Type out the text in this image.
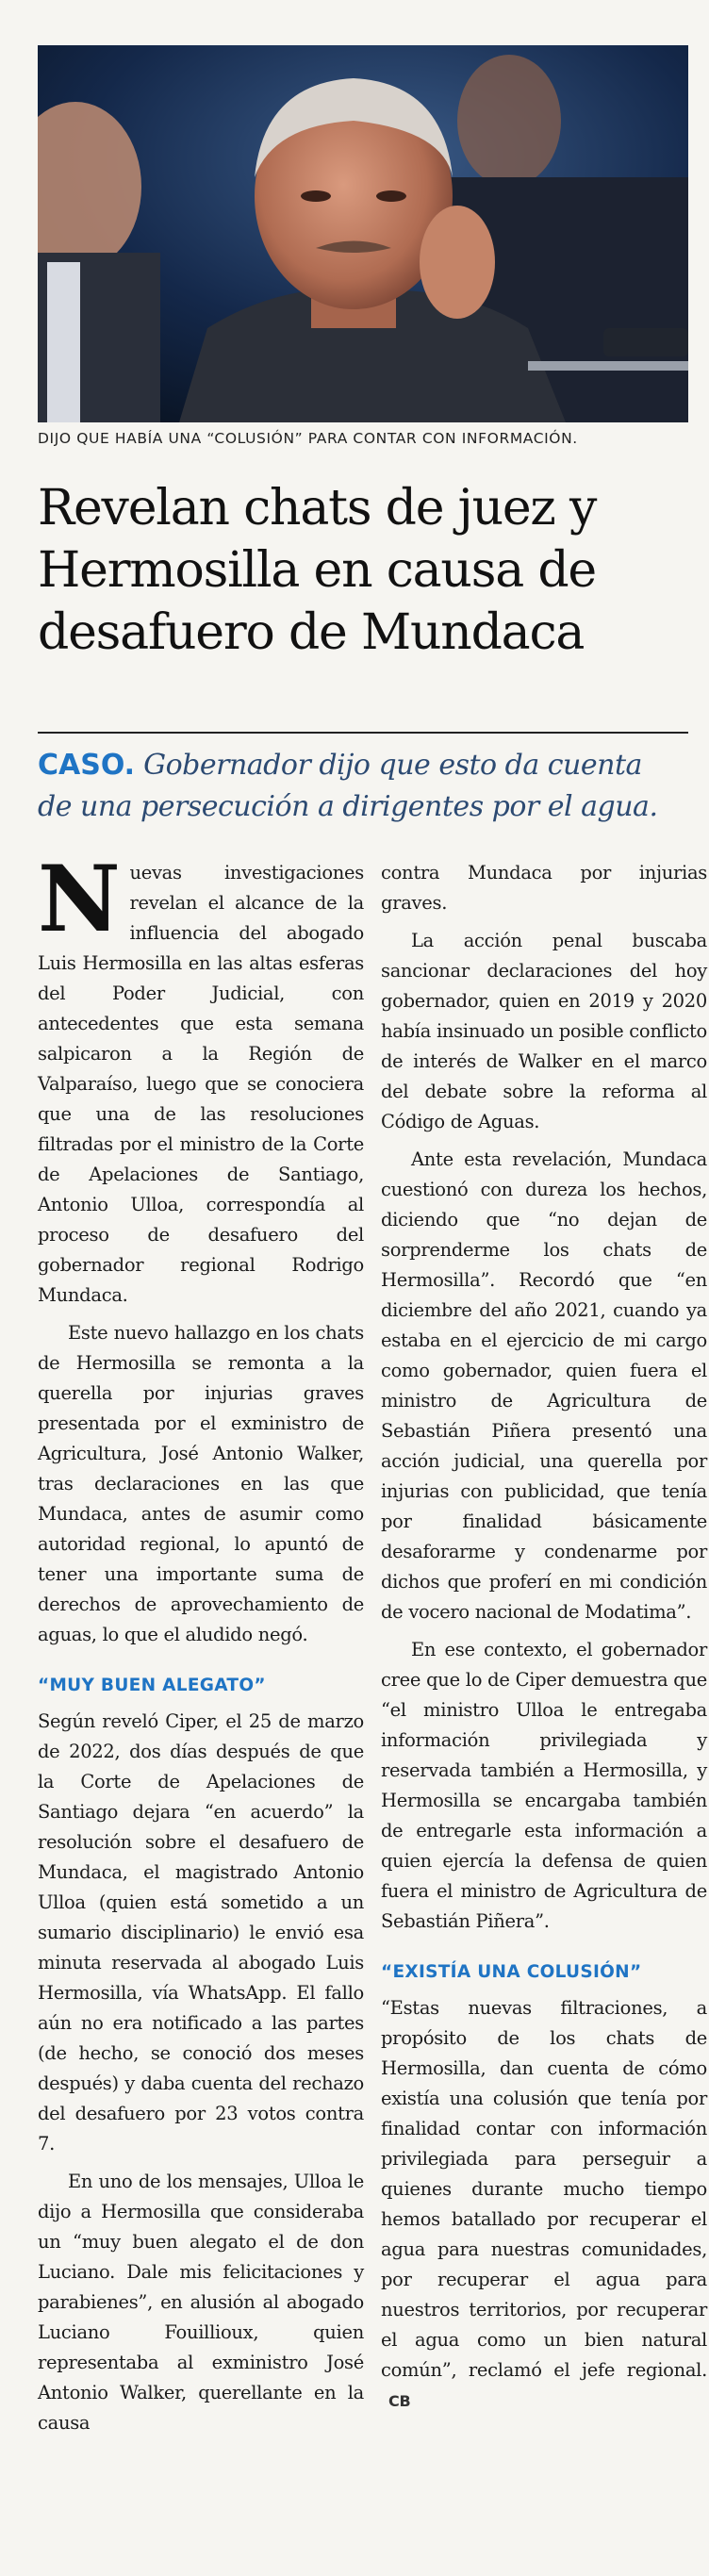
DIJO QUE HABÍA UNA “COLUSIÓN” PARA CONTAR CON INFORMACIÓN.
Revelan chats de juez y
Hermosilla en causa de
desafuero de Mundaca
CASO. Gobernador dijo que esto da cuenta
de una persecución a dirigentes por el agua.

Nuevas investigaciones revelan el alcance de la influencia del abogado Luis Hermosilla en las altas esferas del Poder Judicial, con antecedentes que esta semana salpicaron a la Región de Valparaíso, luego que se conociera que una de las resoluciones filtradas por el ministro de la Corte de Apelaciones de Santiago, Antonio Ulloa, correspondía al proceso de desafuero del gobernador regional Rodrigo Mundaca.

Este nuevo hallazgo en los chats de Hermosilla se remonta a la querella por injurias graves presentada por el exministro de Agricultura, José Antonio Walker, tras declaraciones en las que Mundaca, antes de asumir como autoridad regional, lo apuntó de tener una importante suma de derechos de aprovechamiento de aguas, lo que el aludido negó.

“MUY BUEN ALEGATO”

Según reveló Ciper, el 25 de marzo de 2022, dos días después de que la Corte de Apelaciones de Santiago dejara “en acuerdo” la resolución sobre el desafuero de Mundaca, el magistrado Antonio Ulloa (quien está sometido a un sumario disciplinario) le envió esa minuta reservada al abogado Luis Hermosilla, vía WhatsApp. El fallo aún no era notificado a las partes (de hecho, se conoció dos meses después) y daba cuenta del rechazo del desafuero por 23 votos contra 7.

En uno de los mensajes, Ulloa le dijo a Hermosilla que consideraba un “muy buen alegato el de don Luciano. Dale mis felicitaciones y parabienes”, en alusión al abogado Luciano Fouillioux, quien representaba al exministro José Antonio Walker, querellante en la causa

contra Mundaca por injurias graves.

La acción penal buscaba sancionar declaraciones del hoy gobernador, quien en 2019 y 2020 había insinuado un posible conflicto de interés de Walker en el marco del debate sobre la reforma al Código de Aguas.

Ante esta revelación, Mundaca cuestionó con dureza los hechos, diciendo que “no dejan de sorprenderme los chats de Hermosilla”. Recordó que “en diciembre del año 2021, cuando ya estaba en el ejercicio de mi cargo como gobernador, quien fuera el ministro de Agricultura de Sebastián Piñera presentó una acción judicial, una querella por injurias con publicidad, que tenía por finalidad básicamente desaforarme y condenarme por dichos que proferí en mi condición de vocero nacional de Modatima”.

En ese contexto, el gobernador cree que lo de Ciper demuestra que “el ministro Ulloa le entregaba información privilegiada y reservada también a Hermosilla, y Hermosilla se encargaba también de entregarle esta información a quien ejercía la defensa de quien fuera el ministro de Agricultura de Sebastián Piñera”.

“EXISTÍA UNA COLUSIÓN”

“Estas nuevas filtraciones, a propósito de los chats de Hermosilla, dan cuenta de cómo existía una colusión que tenía por finalidad contar con información privilegiada para perseguir a quienes durante mucho tiempo hemos batallado por recuperar el agua para nuestras comunidades, por recuperar el agua para nuestros territorios, por recuperar el agua como un bien natural común”, reclamó el jefe regional.CB
